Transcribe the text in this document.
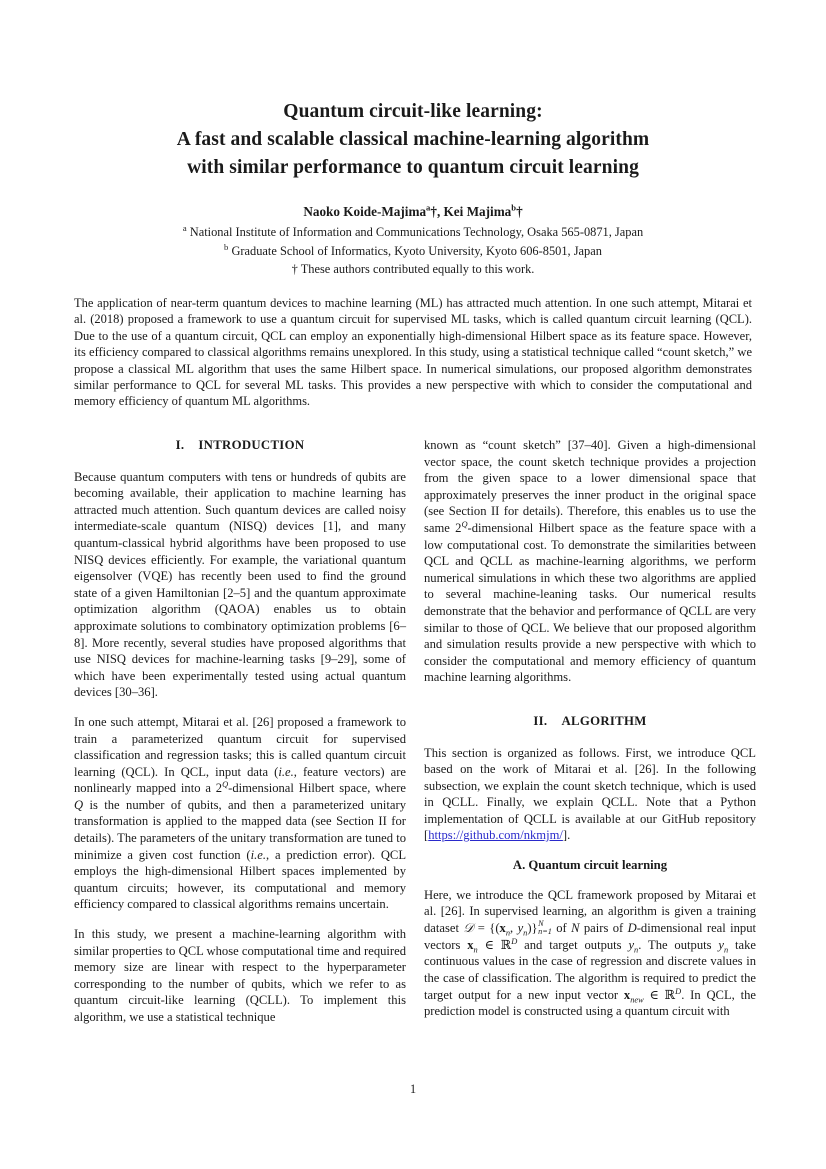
Quantum circuit-like learning:
A fast and scalable classical machine-learning algorithm
with similar performance to quantum circuit learning
Naoko Koide-Majima$^a$†, Kei Majima$^b$†
$^a$ National Institute of Information and Communications Technology, Osaka 565-0871, Japan
$^b$ Graduate School of Informatics, Kyoto University, Kyoto 606-8501, Japan
† These authors contributed equally to this work.
The application of near-term quantum devices to machine learning (ML) has attracted much attention. In one such attempt, Mitarai et al. (2018) proposed a framework to use a quantum circuit for supervised ML tasks, which is called quantum circuit learning (QCL). Due to the use of a quantum circuit, QCL can employ an exponentially high-dimensional Hilbert space as its feature space. However, its efficiency compared to classical algorithms remains unexplored. In this study, using a statistical technique called “count sketch,” we propose a classical ML algorithm that uses the same Hilbert space. In numerical simulations, our proposed algorithm demonstrates similar performance to QCL for several ML tasks. This provides a new perspective with which to consider the computational and memory efficiency of quantum ML algorithms.
I. INTRODUCTION

Because quantum computers with tens or hundreds of qubits are becoming available, their application to machine learning has attracted much attention. Such quantum devices are called noisy intermediate-scale quantum (NISQ) devices [1], and many quantum-classical hybrid algorithms have been proposed to use NISQ devices efficiently. For example, the variational quantum eigensolver (VQE) has recently been used to find the ground state of a given Hamiltonian [2–5] and the quantum approximate optimization algorithm (QAOA) enables us to obtain approximate solutions to combinatory optimization problems [6–8]. More recently, several studies have proposed algorithms that use NISQ devices for machine-learning tasks [9–29], some of which have been experimentally tested using actual quantum devices [30–36].

In one such attempt, Mitarai et al. [26] proposed a framework to train a parameterized quantum circuit for supervised classification and regression tasks; this is called quantum circuit learning (QCL). In QCL, input data (i.e., feature vectors) are nonlinearly mapped into a $2^Q$-dimensional Hilbert space, where Q is the number of qubits, and then a parameterized unitary transformation is applied to the mapped data (see Section II for details). The parameters of the unitary transformation are tuned to minimize a given cost function (i.e., a prediction error). QCL employs the high-dimensional Hilbert spaces implemented by quantum circuits; however, its computational and memory efficiency compared to classical algorithms remains uncertain.

In this study, we present a machine-learning algorithm with similar properties to QCL whose computational time and required memory size are linear with respect to the hyperparameter corresponding to the number of qubits, which we refer to as quantum circuit-like learning (QCLL). To implement this algorithm, we use a statistical technique

known as “count sketch” [37–40]. Given a high-dimensional vector space, the count sketch technique provides a projection from the given space to a lower dimensional space that approximately preserves the inner product in the original space (see Section II for details). Therefore, this enables us to use the same $2^Q$-dimensional Hilbert space as the feature space with a low computational cost. To demonstrate the similarities between QCL and QCLL as machine-learning algorithms, we perform numerical simulations in which these two algorithms are applied to several machine-leaning tasks. Our numerical results demonstrate that the behavior and performance of QCLL are very similar to those of QCL. We believe that our proposed algorithm and simulation results provide a new perspective with which to consider the computational and memory efficiency of quantum machine learning algorithms.

II. ALGORITHM

This section is organized as follows. First, we introduce QCL based on the work of Mitarai et al. [26]. In the following subsection, we explain the count sketch technique, which is used in QCLL. Finally, we explain QCLL. Note that a Python implementation of QCLL is available at our GitHub repository [https://github.com/nkmjm/].

A. Quantum circuit learning

Here, we introduce the QCL framework proposed by Mitarai et al. [26]. In supervised learning, an algorithm is given a training dataset 𝒟 = {($x_n$, $y_n$)} N
n=1 of N pairs of D-dimensional real input vectors $x_n$ ∈ ℝ$^D$ and target outputs $y_n$. The outputs $y_n$ take continuous values in the case of regression and discrete values in the case of classification. The algorithm is required to predict the target output for a new input vector $x_{new}$ ∈ ℝ$^D$. In QCL, the prediction model is constructed using a quantum circuit with

1
